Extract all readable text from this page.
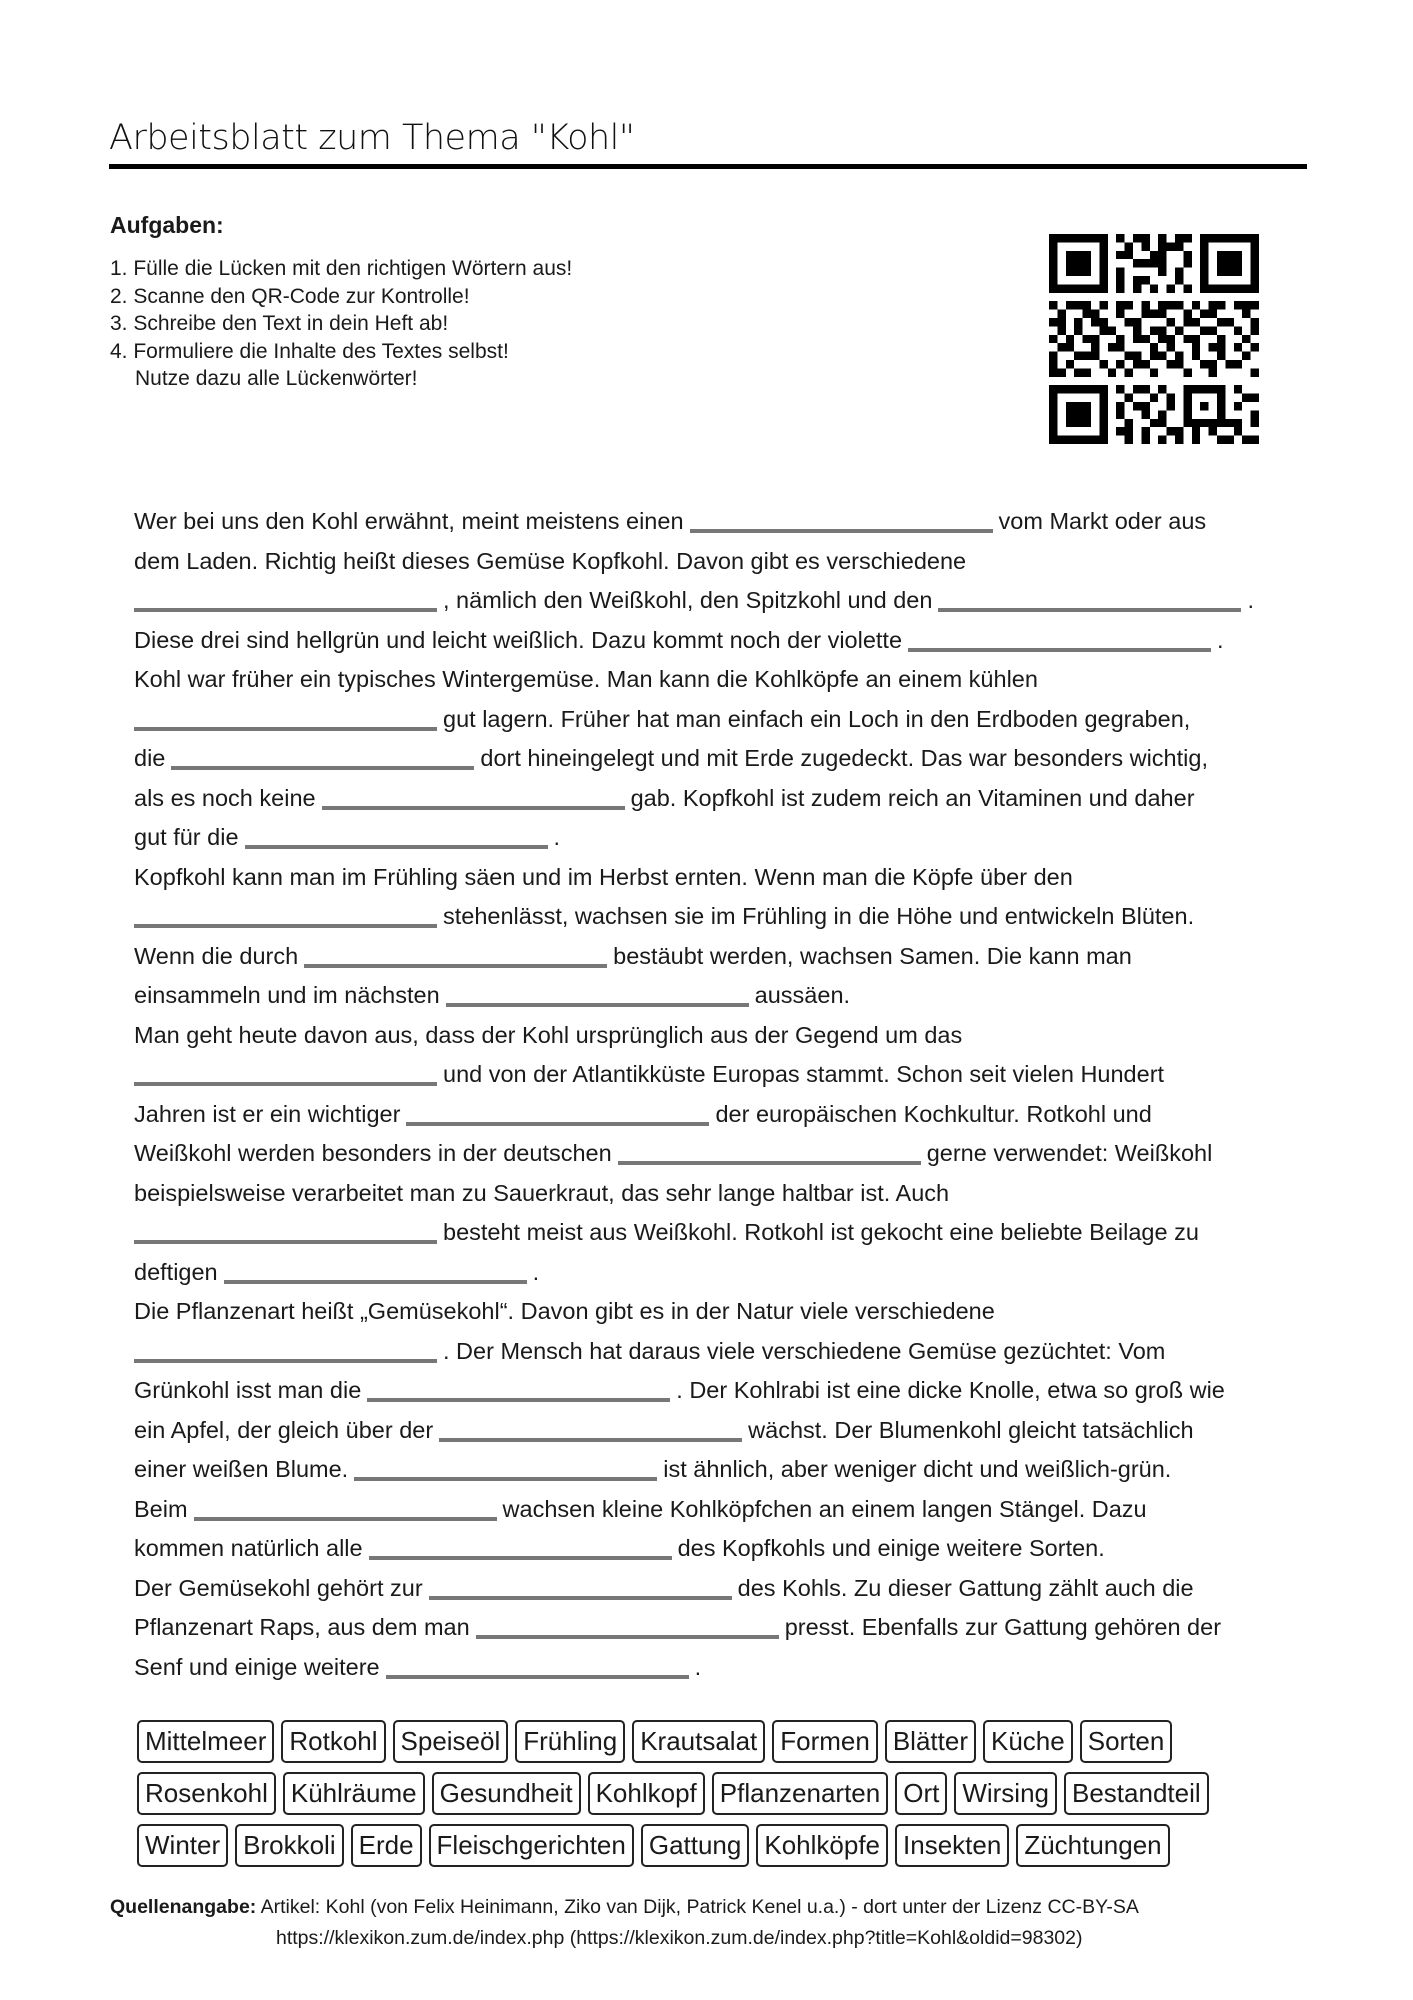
Arbeitsblatt zum Thema "Kohl"
Aufgaben:
1. Fülle die Lücken mit den richtigen Wörtern aus!
2. Scanne den QR-Code zur Kontrolle!
3. Schreibe den Text in dein Heft ab!
4. Formuliere die Inhalte des Textes selbst!
Nutze dazu alle Lückenwörter!
Wer bei uns den Kohl erwähnt, meint meistens einen	vom Markt oder aus
dem Laden. Richtig heißt dieses Gemüse Kopfkohl. Davon gibt es verschiedene
, nämlich den Weißkohl, den Spitzkohl und den	.
Diese drei sind hellgrün und leicht weißlich. Dazu kommt noch der violette	.
Kohl war früher ein typisches Wintergemüse. Man kann die Kohlköpfe an einem kühlen
gut lagern. Früher hat man einfach ein Loch in den Erdboden gegraben,
die	dort hineingelegt und mit Erde zugedeckt. Das war besonders wichtig,
als es noch keine	gab. Kopfkohl ist zudem reich an Vitaminen und daher
gut für die	.
Kopfkohl kann man im Frühling säen und im Herbst ernten. Wenn man die Köpfe über den
stehenlässt, wachsen sie im Frühling in die Höhe und entwickeln Blüten.
Wenn die durch	bestäubt werden, wachsen Samen. Die kann man
einsammeln und im nächsten	aussäen.
Man geht heute davon aus, dass der Kohl ursprünglich aus der Gegend um das
und von der Atlantikküste Europas stammt. Schon seit vielen Hundert
Jahren ist er ein wichtiger	der europäischen Kochkultur. Rotkohl und
Weißkohl werden besonders in der deutschen	gerne verwendet: Weißkohl
beispielsweise verarbeitet man zu Sauerkraut, das sehr lange haltbar ist. Auch
besteht meist aus Weißkohl. Rotkohl ist gekocht eine beliebte Beilage zu
deftigen	.
Die Pflanzenart heißt „Gemüsekohl“. Davon gibt es in der Natur viele verschiedene
. Der Mensch hat daraus viele verschiedene Gemüse gezüchtet: Vom
Grünkohl isst man die	. Der Kohlrabi ist eine dicke Knolle, etwa so groß wie
ein Apfel, der gleich über der	wächst. Der Blumenkohl gleicht tatsächlich
einer weißen Blume.	ist ähnlich, aber weniger dicht und weißlich-grün.
Beim	wachsen kleine Kohlköpfchen an einem langen Stängel. Dazu
kommen natürlich alle	des Kopfkohls und einige weitere Sorten.
Der Gemüsekohl gehört zur	des Kohls. Zu dieser Gattung zählt auch die
Pflanzenart Raps, aus dem man	presst. Ebenfalls zur Gattung gehören der
Senf und einige weitere	.
Mittelmeer Rotkohl Speiseöl Frühling Krautsalat Formen Blätter Küche Sorten
Rosenkohl Kühlräume Gesundheit Kohlkopf Pflanzenarten Ort Wirsing Bestandteil
Winter Brokkoli Erde Fleischgerichten Gattung Kohlköpfe Insekten Züchtungen
Quellenangabe: Artikel: Kohl (von Felix Heinimann, Ziko van Dijk, Patrick Kenel u.a.) - dort unter der Lizenz CC-BY-SA
https://klexikon.zum.de/index.php (https://klexikon.zum.de/index.php?title=Kohl&oldid=98302)
